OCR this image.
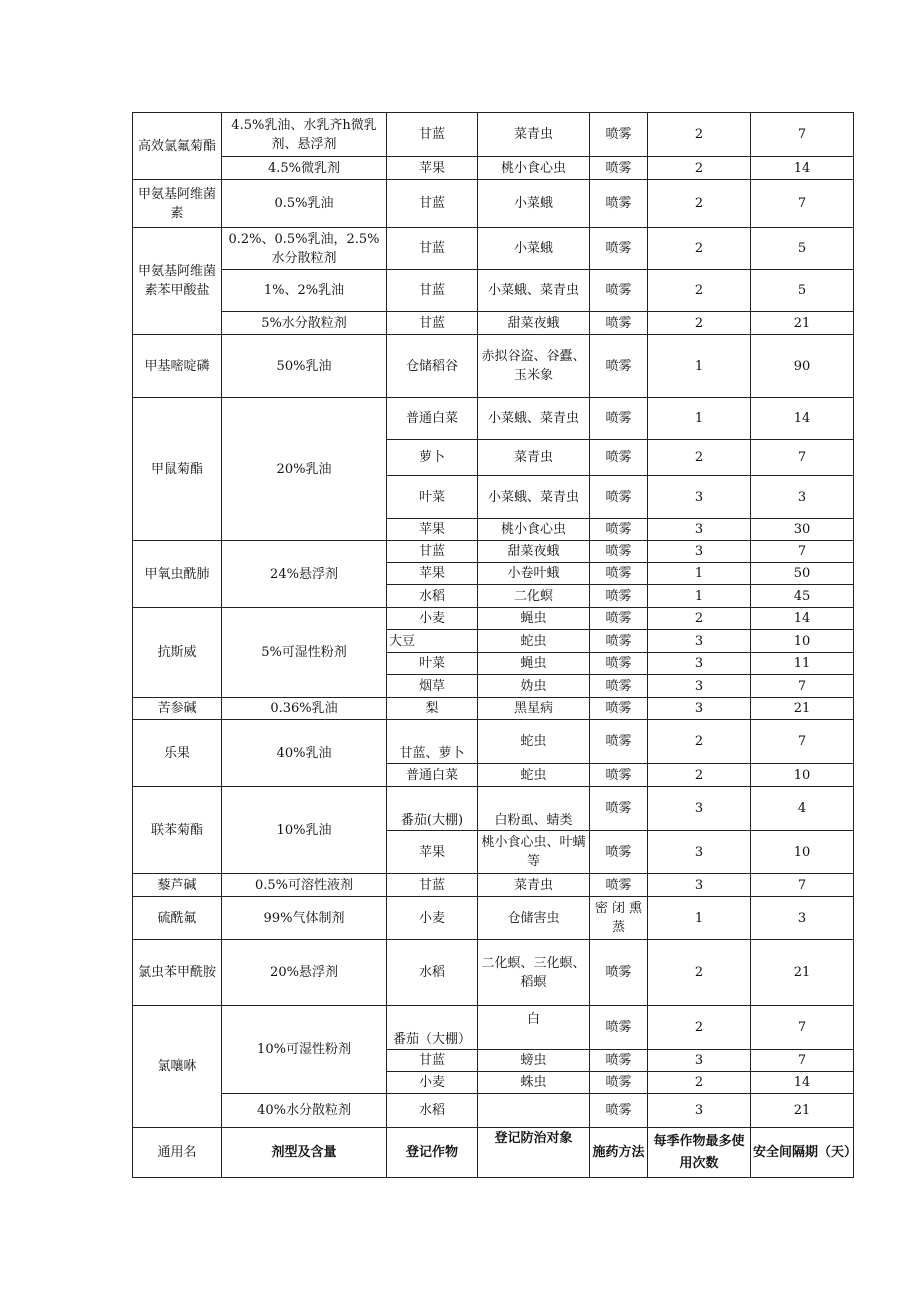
高效氯氟菊酯	4.5%乳油、水乳齐h微乳剂、悬浮剂	甘蓝	菜青虫	喷雾	2	7
	4.5%微乳剂	苹果	桃小食心虫	喷雾	2	14
甲氨基阿维菌素	0.5%乳油	甘蓝	小菜蛾	喷雾	2	7
甲氨基阿维菌素苯甲酸盐	0.2%、0.5%乳油，2.5%水分散粒剂	甘蓝	小菜蛾	喷雾	2	5
	1%、2%乳油	甘蓝	小菜蛾、菜青虫	喷雾	2	5
	5%水分散粒剂	甘蓝	甜菜夜蛾	喷雾	2	21
甲基嘧啶磷	50%乳油	仓储稻谷	赤拟谷盗、谷蠹、玉米象	喷雾	1	90
甲鼠菊酯	20%乳油	普通白菜	小菜蛾、菜青虫	喷雾	1	14
		萝卜	菜青虫	喷雾	2	7
		叶菜	小菜蛾、菜青虫	喷雾	3	3
		苹果	桃小食心虫	喷雾	3	30
甲氧虫酰肺	24%悬浮剂	甘蓝	甜菜夜蛾	喷雾	3	7
		苹果	小卷叶蛾	喷雾	1	50
		水稻	二化螟	喷雾	1	45
抗斯威	5%可湿性粉剂	小麦	蝇虫	喷雾	2	14
		大豆	蛇虫	喷雾	3	10
		叶菜	蝇虫	喷雾	3	11
		烟草	妫虫	喷雾	3	7
苦参碱	0.36%乳油	梨	黑星病	喷雾	3	21
乐果	40%乳油	甘蓝、萝卜	蛇虫	喷雾	2	7
		普通白菜	蛇虫	喷雾	2	10
联苯菊酯	10%乳油	番茄(大棚)	白粉虱、蜻类	喷雾	3	4
		苹果	桃小食心虫、叶螨等	喷雾	3	10
藜芦碱	0.5%可溶性液剂	甘蓝	菜青虫	喷雾	3	7
硫酰氟	99%气体制剂	小麦	仓储害虫	密 闭 熏蒸	1	3
氯虫苯甲酰胺	20%悬浮剂	水稻	二化螟、三化螟、稻螟	喷雾	2	21
氯嚷咻	10%可湿性粉剂	番茄（大棚）	白	喷雾	2	7
		甘蓝	螃虫	喷雾	3	7
		小麦	蛛虫	喷雾	2	14
	40%水分散粒剂	水稻		喷雾	3	21
通用名	剂型及含量	登记作物	登记防治对象	施药方法	每季作物最多使用次数	安全间隔期（天）
